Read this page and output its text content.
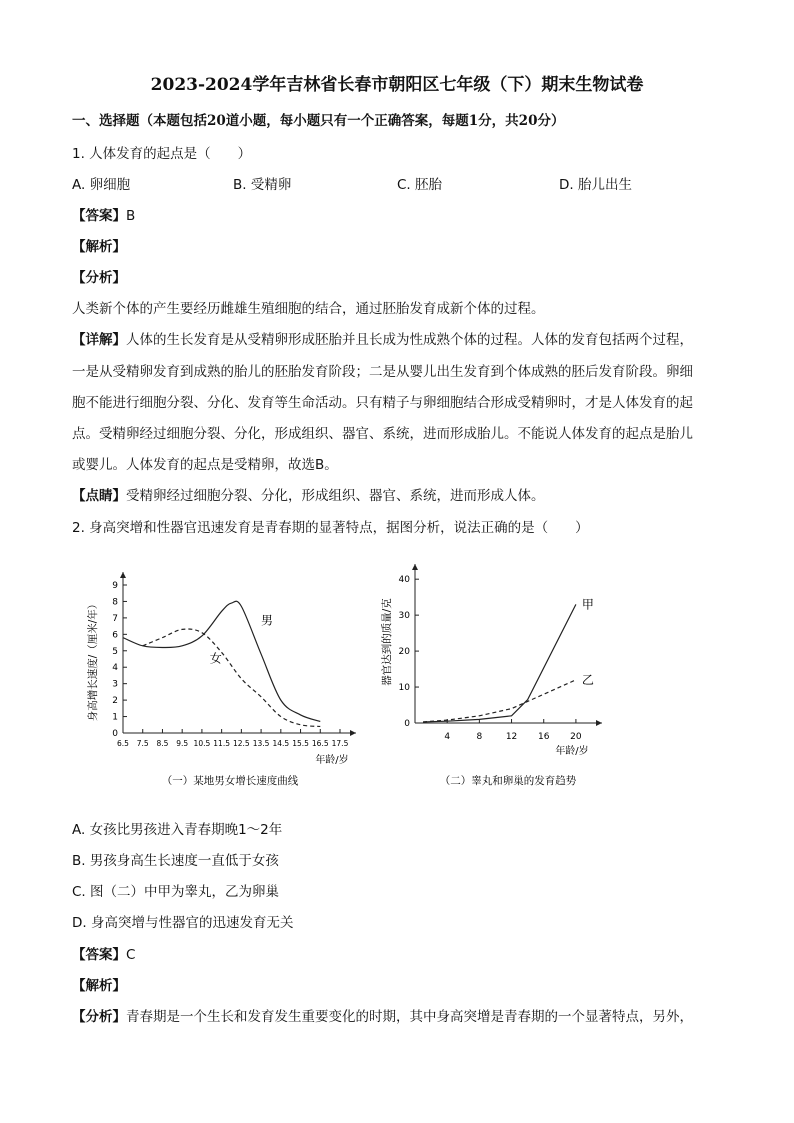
2023-2024学年吉林省长春市朝阳区七年级（下）期末生物试卷
一、选择题（本题包括20道小题，每小题只有一个正确答案，每题1分，共20分）
1. 人体发育的起点是（　　）
A. 卵细胞	B. 受精卵	C. 胚胎	D. 胎儿出生
【答案】B
【解析】
【分析】
人类新个体的产生要经历雌雄生殖细胞的结合，通过胚胎发育成新个体的过程。
【详解】人体的生长发育是从受精卵形成胚胎并且长成为性成熟个体的过程。人体的发育包括两个过程，
一是从受精卵发育到成熟的胎儿的胚胎发育阶段；二是从婴儿出生发育到个体成熟的胚后发育阶段。卵细
胞不能进行细胞分裂、分化、发育等生命活动。只有精子与卵细胞结合形成受精卵时，才是人体发育的起
点。受精卵经过细胞分裂、分化，形成组织、器官、系统，进而形成胎儿。不能说人体发育的起点是胎儿
或婴儿。人体发育的起点是受精卵，故选B。
【点睛】受精卵经过细胞分裂、分化，形成组织、器官、系统，进而形成人体。
2. 身高突增和性器官迅速发育是青春期的显著特点，据图分析，说法正确的是（　　）
0
1
2
3
4
5
6
7
8
9
6.5 7.5 8.5 9.5 10.5 11.5 12.5 13.5 14.5 15.5 16.5 17.5
年龄/岁
身高增长速度/（厘米/年）	男
女
（一）某地男女增长速度曲线
0
10
20
30
40
4	8	12 16 20
年龄/岁
器官达到的质量/克	甲
乙
（二）睾丸和卵巢的发育趋势
A. 女孩比男孩进入青春期晚1～2年
B. 男孩身高生长速度一直低于女孩
C. 图（二）中甲为睾丸，乙为卵巢
D. 身高突增与性器官的迅速发育无关
【答案】C
【解析】
【分析】青春期是一个生长和发育发生重要变化的时期，其中身高突增是青春期的一个显著特点，另外，
